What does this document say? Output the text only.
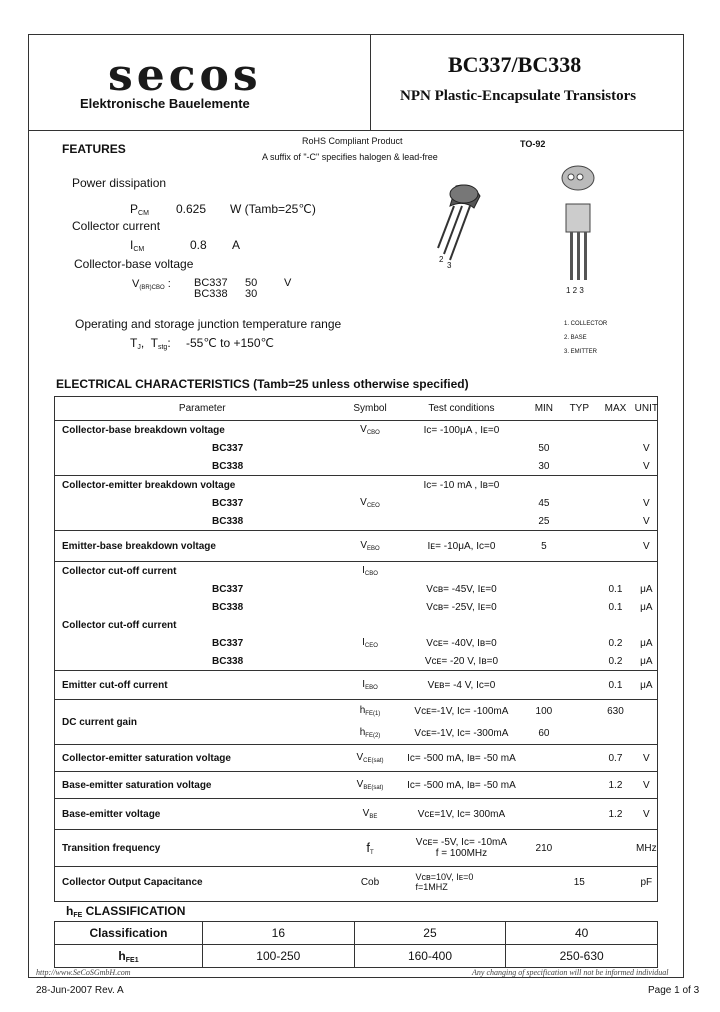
secos
Elektronische Bauelemente
BC337/BC338
NPN Plastic-Encapsulate Transistors
FEATURES
RoHS Compliant Product
A suffix of "-C" specifies halogen & lead-free
TO-92
Power dissipation
$P_{CM}$ 0.625 W (Tamb=25℃)
Collector current
$I_{CM}$	0.8 A
Collector-base voltage
V(BR)CBO : BC337 50 V
BC338 30
Operating and storage junction temperature range
$T_J$,  $T_{stg}$: -55℃ to +150℃
2
3
1 2 3
1. COLLECTOR
2. BASE
3. EMITTER
ELECTRICAL CHARACTERISTICS (Tamb=25 unless otherwise specified)
Parameter	Symbol	Test conditions	MIN	TYP	MAX	UNIT
Collector-base breakdown voltage	$V_{CBO}$	Ic= -100μA , Iᴇ=0				
BC337			50			V
BC338			30			V
Collector-emitter breakdown voltage		Ic= -10 mA , Iʙ=0				
BC337	$V_{CEO}$		45			V
BC338			25			V
Emitter-base breakdown voltage	$V_{EBO}$	Iᴇ= -10μA, Ic=0	5			V
Collector cut-off current	$I_{CBO}$					
BC337		Vᴄʙ= -45V, Iᴇ=0			0.1	μA
BC338		Vᴄʙ= -25V, Iᴇ=0			0.1	μA
Collector cut-off current						
BC337	$I_{CEO}$	Vᴄᴇ= -40V, Iʙ=0			0.2	μA
BC338		Vᴄᴇ= -20 V, Iʙ=0			0.2	μA
Emitter cut-off current	$I_{EBO}$	Vᴇʙ= -4 V, Ic=0			0.1	μA
DC current gain	$h_{FE(1)}$	Vᴄᴇ=-1V, Ic= -100mA	100		630	
	$h_{FE(2)}$	Vᴄᴇ=-1V, Ic= -300mA	60			
Collector-emitter saturation voltage	$V_{CE(sat)}$	Ic= -500 mA, Iʙ= -50 mA			0.7	V
Base-emitter saturation voltage	$V_{BE(sat)}$	Ic= -500 mA, Iʙ= -50 mA			1.2	V
Base-emitter voltage	$V_{BE}$	Vᴄᴇ=1V, Ic= 300mA			1.2	V
Transition frequency	fT	Vᴄᴇ= -5V, Ic= -10mA
f = 100MHz	210			MHz
Collector Output Capacitance	Cob	Vᴄʙ=10V, Iᴇ=0
f=1MHZ		15		pF
$h_{FE}$ CLASSIFICATION
Classification	16	25	40
$h_{FE1}$	100-250	160-400	250-630
http://www.SeCoSGmbH.com	Any changing of specification will not be informed individual
28-Jun-2007 Rev. A	Page 1 of 3
